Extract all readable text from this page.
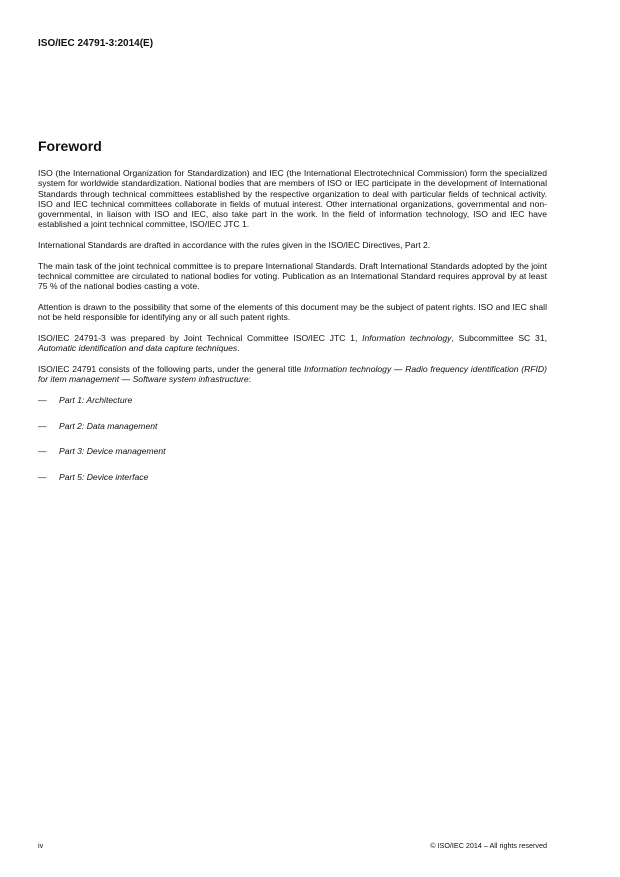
ISO/IEC 24791-3:2014(E)
Foreword

ISO (the International Organization for Standardization) and IEC (the International Electrotechnical Commission) form the specialized system for worldwide standardization. National bodies that are members of ISO or IEC participate in the development of International Standards through technical committees established by the respective organization to deal with particular fields of technical activity. ISO and IEC technical committees collaborate in fields of mutual interest. Other international organizations, governmental and non-governmental, in liaison with ISO and IEC, also take part in the work. In the field of information technology, ISO and IEC have established a joint technical committee, ISO/IEC JTC 1.

International Standards are drafted in accordance with the rules given in the ISO/IEC Directives, Part 2.

The main task of the joint technical committee is to prepare International Standards. Draft International Standards adopted by the joint technical committee are circulated to national bodies for voting. Publication as an International Standard requires approval by at least 75 % of the national bodies casting a vote.

Attention is drawn to the possibility that some of the elements of this document may be the subject of patent rights. ISO and IEC shall not be held responsible for identifying any or all such patent rights.

ISO/IEC 24791-3 was prepared by Joint Technical Committee ISO/IEC JTC 1, Information technology, Subcommittee SC 31, Automatic identification and data capture techniques.

ISO/IEC 24791 consists of the following parts, under the general title Information technology — Radio frequency identification (RFID) for item management — Software system infrastructure:

—	Part 1: Architecture
—	Part 2: Data management
—	Part 3: Device management
—	Part 5: Device interface
iv	© ISO/IEC 2014 – All rights reserved
